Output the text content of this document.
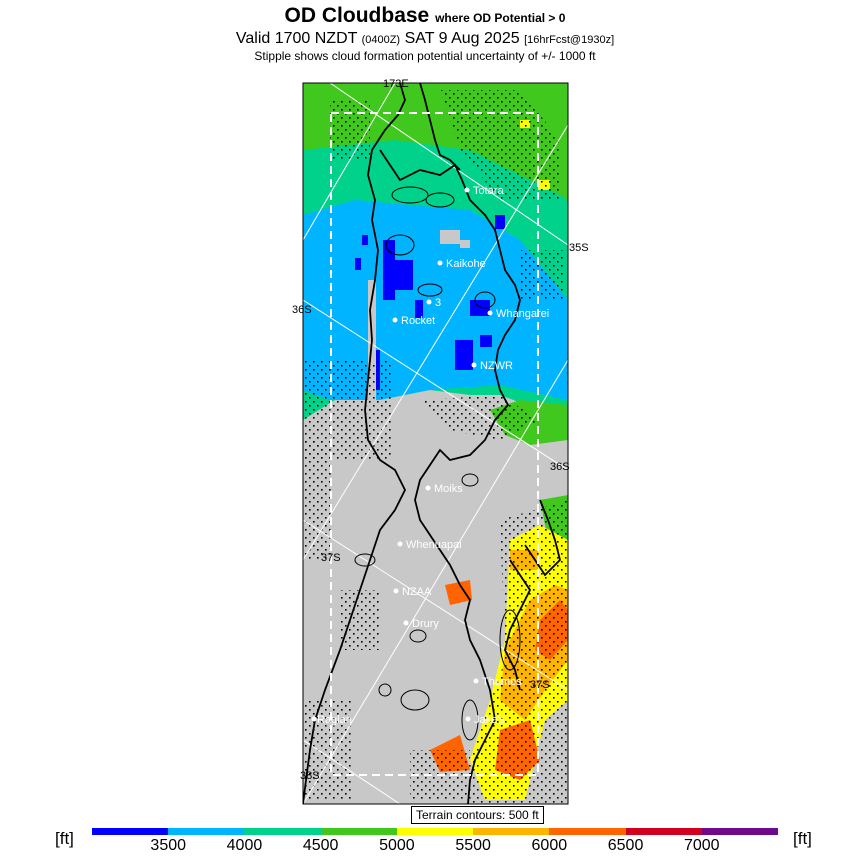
OD Cloudbase where OD Potential > 0
Valid 1700 NZDT (0400Z) SAT 9 Aug 2025 [16hrFcst@1930z]
Stipple shows cloud formation potential uncertainty of +/- 1000 ft
173E
35S
36S
36S
37S
37S
38S
Totara
Kaikohe
3
Rocket
Whangarei
NZWR
Moiks
Whenuapai
NZAA
Drury
Thames
Raglan	Jake's
Terrain contours: 500 ft
[ft]	[ft]
3500	4000	4500	5000	5500	6000	6500	7000
